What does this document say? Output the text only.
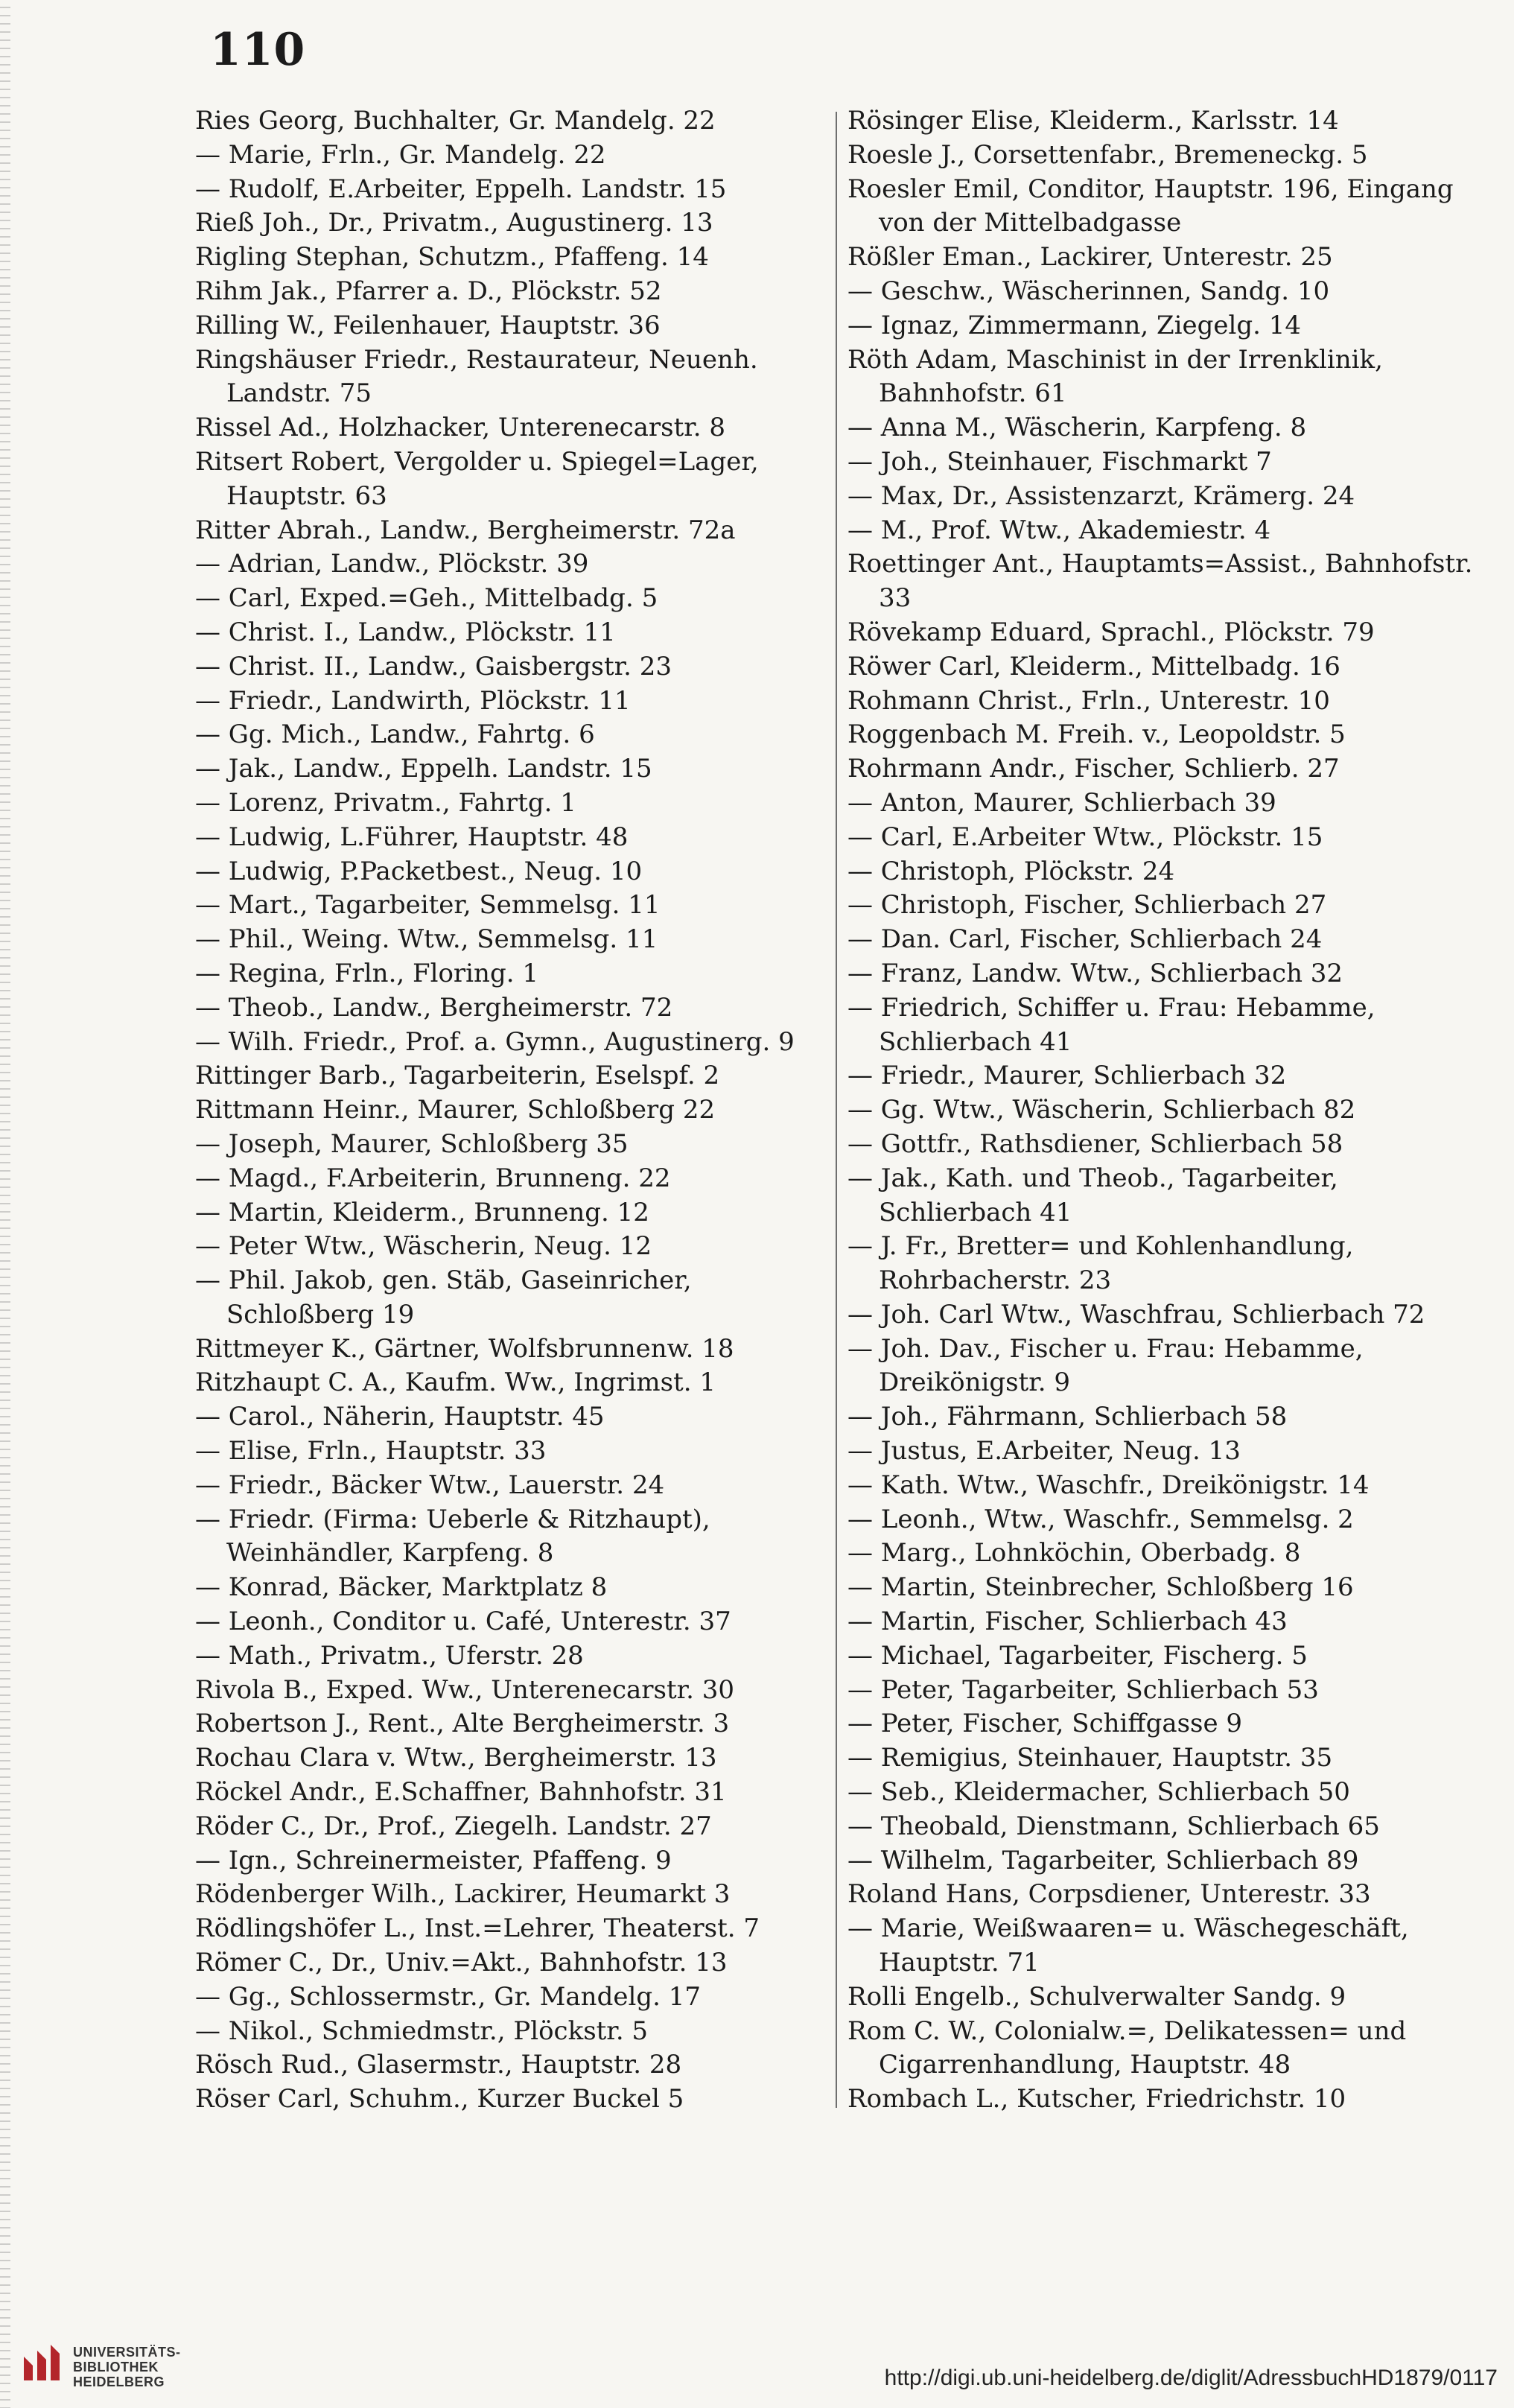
110

Ries Georg, Buchhalter, Gr. Mandelg. 22

— Marie, Frln., Gr. Mandelg. 22

— Rudolf, E.Arbeiter, Eppelh. Landstr. 15

Rieß Joh., Dr., Privatm., Augustinerg. 13

Rigling Stephan, Schutzm., Pfaffeng. 14

Rihm Jak., Pfarrer a. D., Plöckstr. 52

Rilling W., Feilenhauer, Hauptstr. 36

Ringshäuser Friedr., Restaurateur, Neuenh. Landstr. 75

Rissel Ad., Holzhacker, Unterenecarstr. 8

Ritsert Robert, Vergolder u. Spiegel=Lager, Hauptstr. 63

Ritter Abrah., Landw., Bergheimerstr. 72a

— Adrian, Landw., Plöckstr. 39

— Carl, Exped.=Geh., Mittelbadg. 5

— Christ. I., Landw., Plöckstr. 11

— Christ. II., Landw., Gaisbergstr. 23

— Friedr., Landwirth, Plöckstr. 11

— Gg. Mich., Landw., Fahrtg. 6

— Jak., Landw., Eppelh. Landstr. 15

— Lorenz, Privatm., Fahrtg. 1

— Ludwig, L.Führer, Hauptstr. 48

— Ludwig, P.Packetbest., Neug. 10

— Mart., Tagarbeiter, Semmelsg. 11

— Phil., Weing. Wtw., Semmelsg. 11

— Regina, Frln., Floring. 1

— Theob., Landw., Bergheimerstr. 72

— Wilh. Friedr., Prof. a. Gymn., Augustinerg. 9

Rittinger Barb., Tagarbeiterin, Eselspf. 2

Rittmann Heinr., Maurer, Schloßberg 22

— Joseph, Maurer, Schloßberg 35

— Magd., F.Arbeiterin, Brunneng. 22

— Martin, Kleiderm., Brunneng. 12

— Peter Wtw., Wäscherin, Neug. 12

— Phil. Jakob, gen. Stäb, Gaseinricher, Schloßberg 19

Rittmeyer K., Gärtner, Wolfsbrunnenw. 18

Ritzhaupt C. A., Kaufm. Ww., Ingrimst. 1

— Carol., Näherin, Hauptstr. 45

— Elise, Frln., Hauptstr. 33

— Friedr., Bäcker Wtw., Lauerstr. 24

— Friedr. (Firma: Ueberle & Ritzhaupt), Weinhändler, Karpfeng. 8

— Konrad, Bäcker, Marktplatz 8

— Leonh., Conditor u. Café, Unterestr. 37

— Math., Privatm., Uferstr. 28

Rivola B., Exped. Ww., Unterenecarstr. 30

Robertson J., Rent., Alte Bergheimerstr. 3

Rochau Clara v. Wtw., Bergheimerstr. 13

Röckel Andr., E.Schaffner, Bahnhofstr. 31

Röder C., Dr., Prof., Ziegelh. Landstr. 27

— Ign., Schreinermeister, Pfaffeng. 9

Rödenberger Wilh., Lackirer, Heumarkt 3

Rödlingshöfer L., Inst.=Lehrer, Theaterst. 7

Römer C., Dr., Univ.=Akt., Bahnhofstr. 13

— Gg., Schlossermstr., Gr. Mandelg. 17

— Nikol., Schmiedmstr., Plöckstr. 5

Rösch Rud., Glasermstr., Hauptstr. 28

Röser Carl, Schuhm., Kurzer Buckel 5

Rösinger Elise, Kleiderm., Karlsstr. 14

Roesle J., Corsettenfabr., Bremeneckg. 5

Roesler Emil, Conditor, Hauptstr. 196, Eingang von der Mittelbadgasse

Rößler Eman., Lackirer, Unterestr. 25

— Geschw., Wäscherinnen, Sandg. 10

— Ignaz, Zimmermann, Ziegelg. 14

Röth Adam, Maschinist in der Irrenklinik, Bahnhofstr. 61

— Anna M., Wäscherin, Karpfeng. 8

— Joh., Steinhauer, Fischmarkt 7

— Max, Dr., Assistenzarzt, Krämerg. 24

— M., Prof. Wtw., Akademiestr. 4

Roettinger Ant., Hauptamts=Assist., Bahnhofstr. 33

Rövekamp Eduard, Sprachl., Plöckstr. 79

Röwer Carl, Kleiderm., Mittelbadg. 16

Rohmann Christ., Frln., Unterestr. 10

Roggenbach M. Freih. v., Leopoldstr. 5

Rohrmann Andr., Fischer, Schlierb. 27

— Anton, Maurer, Schlierbach 39

— Carl, E.Arbeiter Wtw., Plöckstr. 15

— Christoph, Plöckstr. 24

— Christoph, Fischer, Schlierbach 27

— Dan. Carl, Fischer, Schlierbach 24

— Franz, Landw. Wtw., Schlierbach 32

— Friedrich, Schiffer u. Frau: Hebamme, Schlierbach 41

— Friedr., Maurer, Schlierbach 32

— Gg. Wtw., Wäscherin, Schlierbach 82

— Gottfr., Rathsdiener, Schlierbach 58

— Jak., Kath. und Theob., Tagarbeiter, Schlierbach 41

— J. Fr., Bretter= und Kohlenhandlung, Rohrbacherstr. 23

— Joh. Carl Wtw., Waschfrau, Schlierbach 72

— Joh. Dav., Fischer u. Frau: Hebamme, Dreikönigstr. 9

— Joh., Fährmann, Schlierbach 58

— Justus, E.Arbeiter, Neug. 13

— Kath. Wtw., Waschfr., Dreikönigstr. 14

— Leonh., Wtw., Waschfr., Semmelsg. 2

— Marg., Lohnköchin, Oberbadg. 8

— Martin, Steinbrecher, Schloßberg 16

— Martin, Fischer, Schlierbach 43

— Michael, Tagarbeiter, Fischerg. 5

— Peter, Tagarbeiter, Schlierbach 53

— Peter, Fischer, Schiffgasse 9

— Remigius, Steinhauer, Hauptstr. 35

— Seb., Kleidermacher, Schlierbach 50

— Theobald, Dienstmann, Schlierbach 65

— Wilhelm, Tagarbeiter, Schlierbach 89

Roland Hans, Corpsdiener, Unterestr. 33

— Marie, Weißwaaren= u. Wäschegeschäft, Hauptstr. 71

Rolli Engelb., Schulverwalter Sandg. 9

Rom C. W., Colonialw.=, Delikatessen= und Cigarrenhandlung, Hauptstr. 48

Rombach L., Kutscher, Friedrichstr. 10

UNIVERSITÄTS-
BIBLIOTHEK
HEIDELBERG	http://digi.ub.uni-heidelberg.de/diglit/AdressbuchHD1879/0117
